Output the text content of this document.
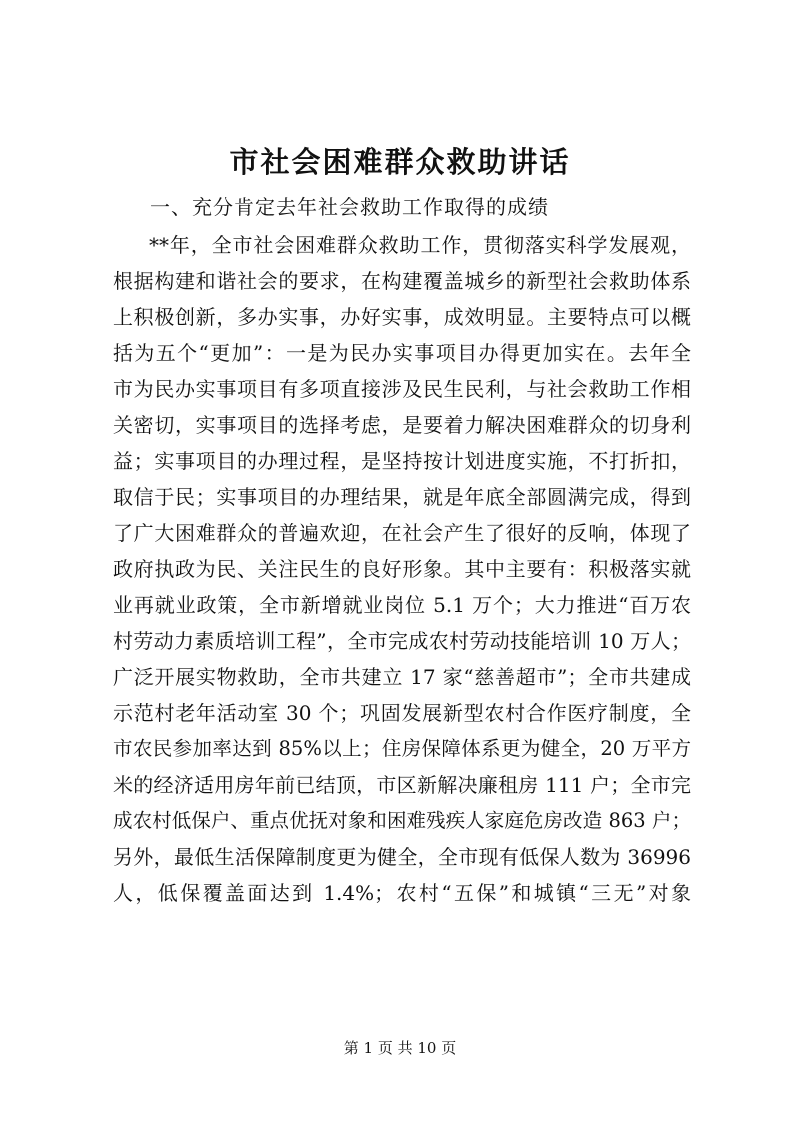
市社会困难群众救助讲话

一、充分肯定去年社会救助工作取得的成绩

**年，全市社会困难群众救助工作，贯彻落实科学发展观，
根据构建和谐社会的要求，在构建覆盖城乡的新型社会救助体系
上积极创新，多办实事，办好实事，成效明显。主要特点可以概
括为五个“更加”：一是为民办实事项目办得更加实在。去年全
市为民办实事项目有多项直接涉及民生民利，与社会救助工作相
关密切，实事项目的选择考虑，是要着力解决困难群众的切身利
益；实事项目的办理过程，是坚持按计划进度实施，不打折扣，
取信于民；实事项目的办理结果，就是年底全部圆满完成，得到
了广大困难群众的普遍欢迎，在社会产生了很好的反响，体现了
政府执政为民、关注民生的良好形象。其中主要有：积极落实就
业再就业政策，全市新增就业岗位 5.1 万个；大力推进“百万农
村劳动力素质培训工程”，全市完成农村劳动技能培训 10 万人；
广泛开展实物救助，全市共建立 17 家“慈善超市”；全市共建成
示范村老年活动室 30 个；巩固发展新型农村合作医疗制度，全
市农民参加率达到 85%以上；住房保障体系更为健全，20 万平方
米的经济适用房年前已结顶，市区新解决廉租房 111 户；全市完
成农村低保户、重点优抚对象和困难残疾人家庭危房改造 863 户；
另外，最低生活保障制度更为健全，全市现有低保人数为 36996
人，低保覆盖面达到 1.4%；农村“五保”和城镇“三无”对象

第 1 页 共 10 页
